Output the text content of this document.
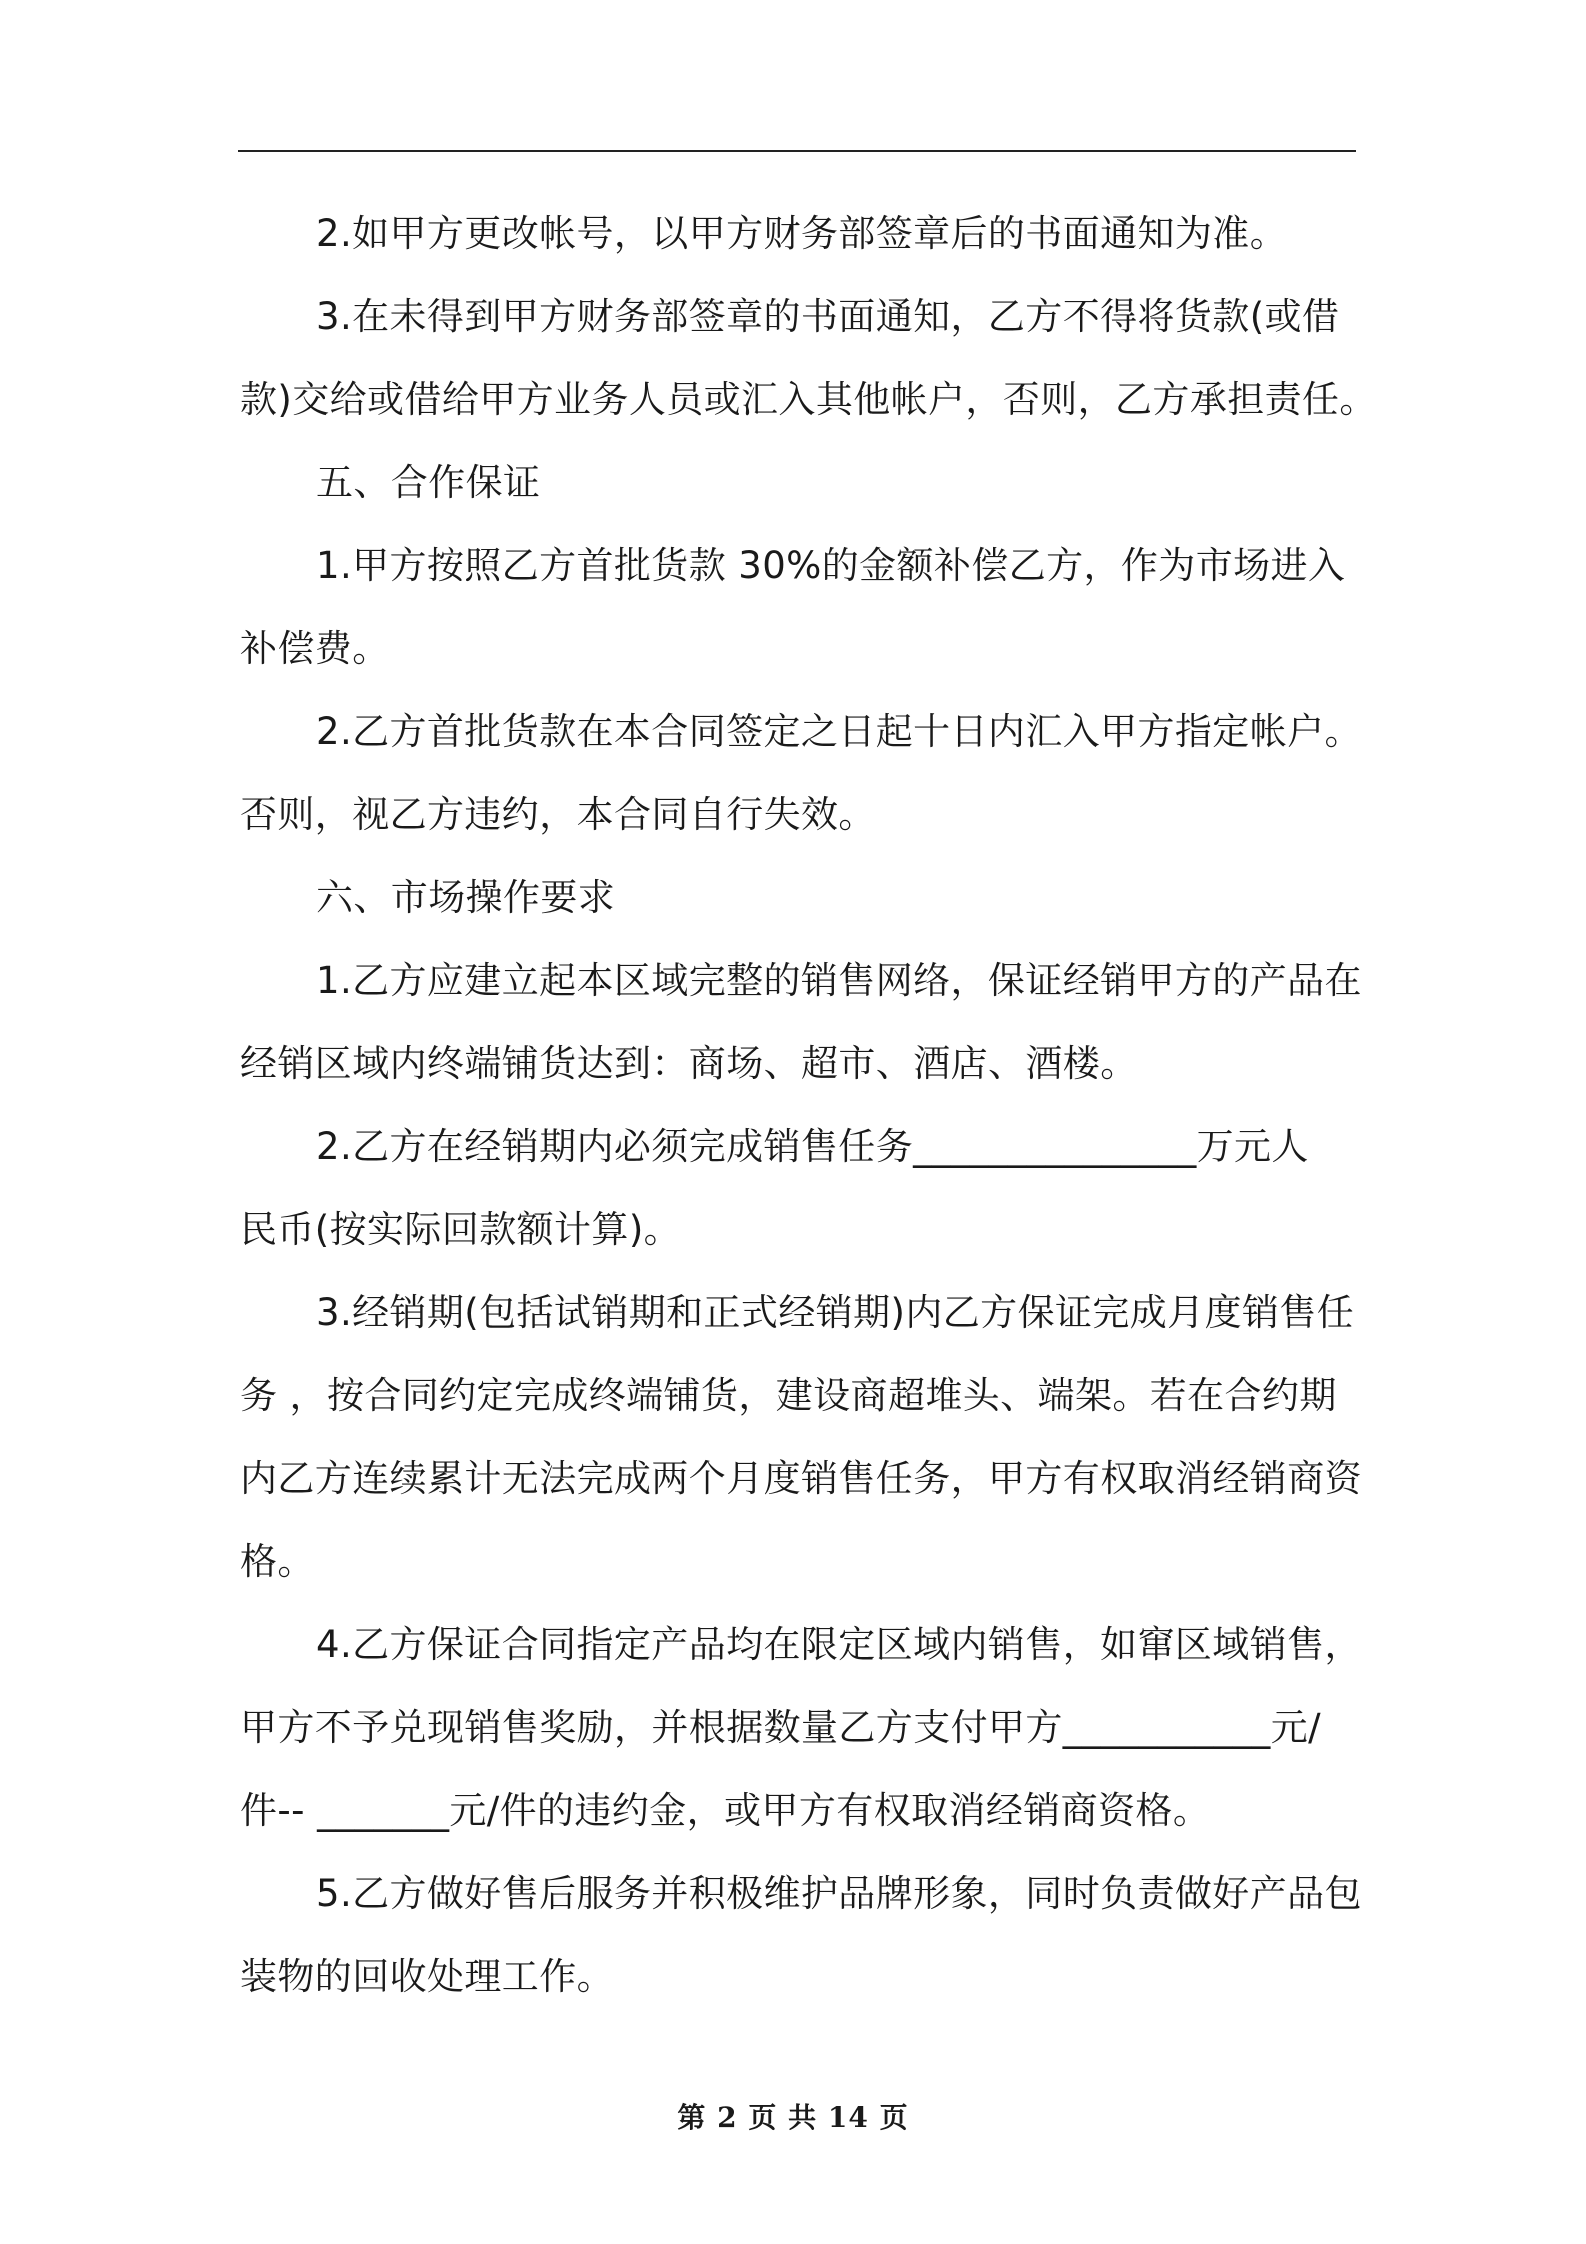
2.如甲方更改帐号，以甲方财务部签章后的书面通知为准。
3.在未得到甲方财务部签章的书面通知，乙方不得将货款(或借
款)交给或借给甲方业务人员或汇入其他帐户，否则，乙方承担责任。
五、合作保证
1.甲方按照乙方首批货款 30%的金额补偿乙方，作为市场进入
补偿费。
2.乙方首批货款在本合同签定之日起十日内汇入甲方指定帐户。
否则，视乙方违约，本合同自行失效。
六、市场操作要求
1.乙方应建立起本区域完整的销售网络，保证经销甲方的产品在
经销区域内终端铺货达到：商场、超市、酒店、酒楼。
2.乙方在经销期内必须完成销售任务_______________万元人
民币(按实际回款额计算)。
3.经销期(包括试销期和正式经销期)内乙方保证完成月度销售任
务 ，按合同约定完成终端铺货，建设商超堆头、端架。若在合约期
内乙方连续累计无法完成两个月度销售任务，甲方有权取消经销商资
格。
4.乙方保证合同指定产品均在限定区域内销售，如窜区域销售，
甲方不予兑现销售奖励，并根据数量乙方支付甲方___________元/
件-- _______元/件的违约金，或甲方有权取消经销商资格。
5.乙方做好售后服务并积极维护品牌形象，同时负责做好产品包
装物的回收处理工作。
第 2 页 共 14 页
